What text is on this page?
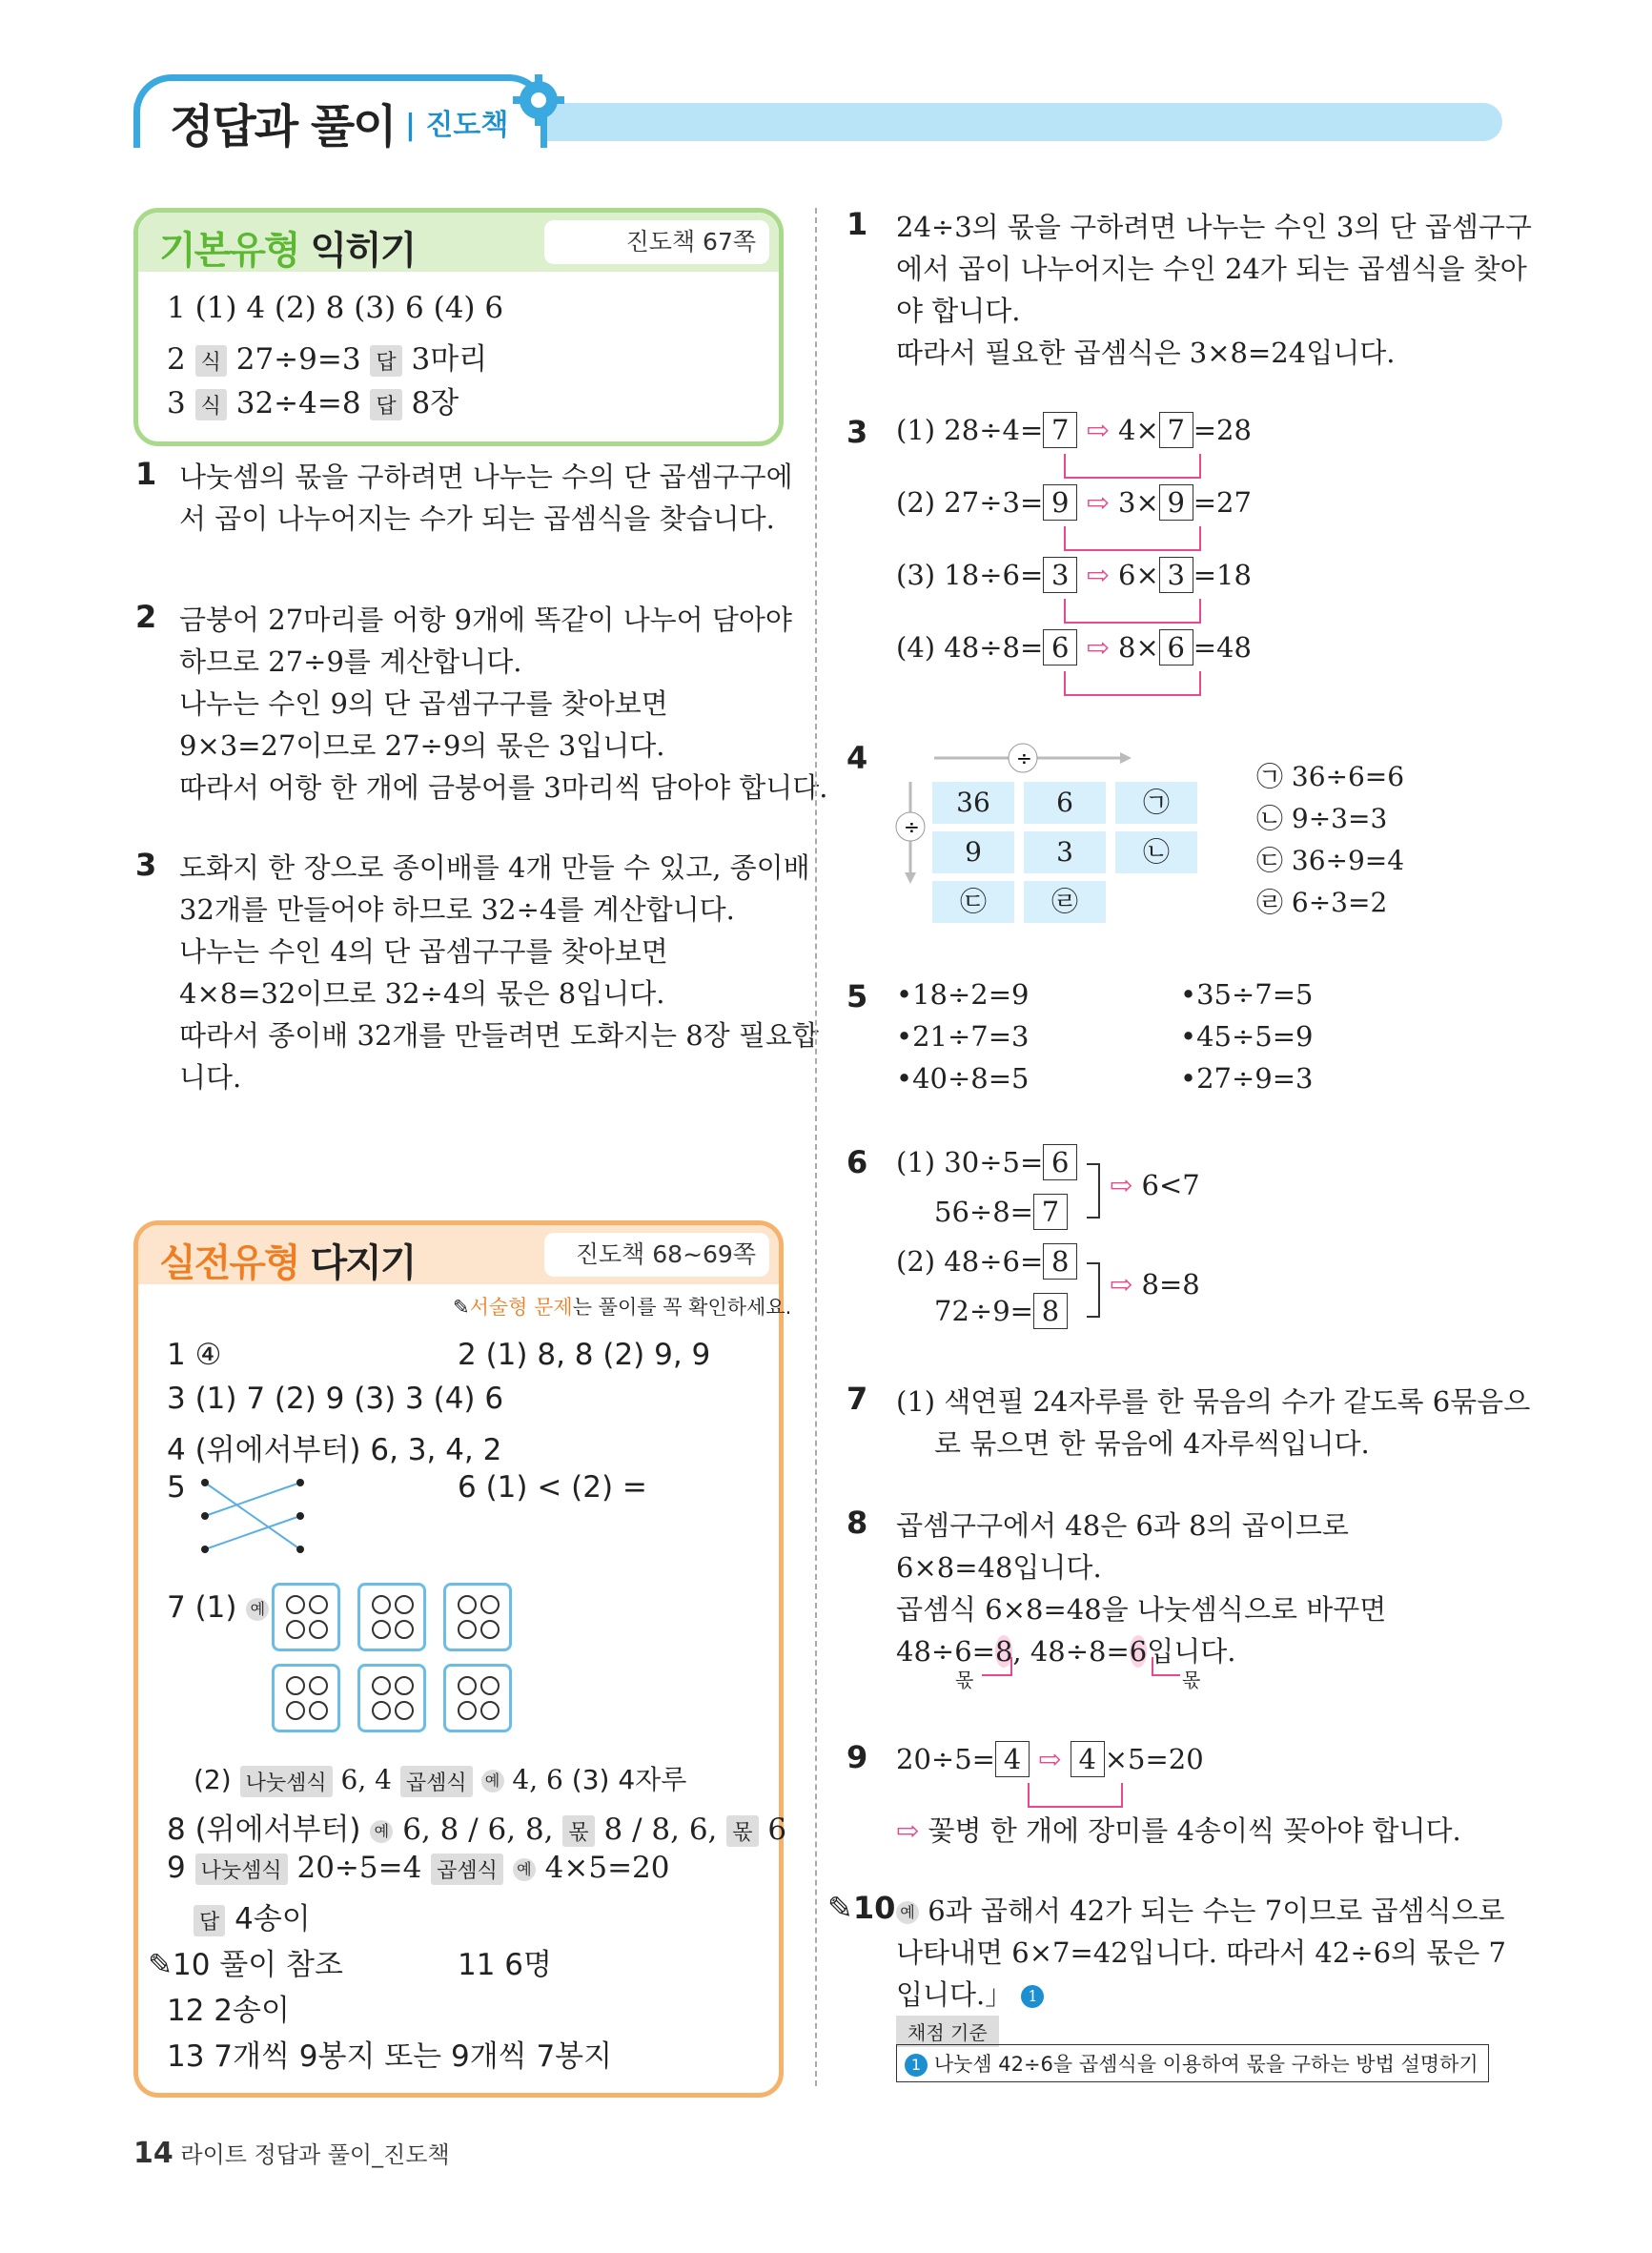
정답과 풀이 | 진도책
기본유형 익히기	진도책 67쪽
1 (1) 4 (2) 8 (3) 6 (4) 6
2 식 27÷9=3 답 3마리
3 식 32÷4=8 답 8장
1 나눗셈의 몫을 구하려면 나누는 수의 단 곱셈구구에
서 곱이 나누어지는 수가 되는 곱셈식을 찾습니다.
2 금붕어 27마리를 어항 9개에 똑같이 나누어 담아야
하므로 27÷9를 계산합니다.
나누는 수인 9의 단 곱셈구구를 찾아보면
9×3=27이므로 27÷9의 몫은 3입니다.
따라서 어항 한 개에 금붕어를 3마리씩 담아야 합니다.
3 도화지 한 장으로 종이배를 4개 만들 수 있고, 종이배
32개를 만들어야 하므로 32÷4를 계산합니다.
나누는 수인 4의 단 곱셈구구를 찾아보면
4×8=32이므로 32÷4의 몫은 8입니다.
따라서 종이배 32개를 만들려면 도화지는 8장 필요합
니다.
실전유형 다지기	진도책 68~69쪽
✎서술형 문제는 풀이를 꼭 확인하세요.
1 ④	2 (1) 8, 8 (2) 9, 9
3 (1) 7 (2) 9 (3) 3 (4) 6
4 (위에서부터) 6, 3, 4, 2
5	6 (1) < (2) =
7 (1) 예
(2) 나눗셈식 6, 4 곱셈식 예 4, 6 (3) 4자루
8 (위에서부터) 예 6, 8 / 6, 8, 몫 8 / 8, 6, 몫 6
9 나눗셈식 20÷5=4 곱셈식 예 4×5=20
답 4송이
✎10 풀이 참조	11 6명
12 2송이
13 7개씩 9봉지 또는 9개씩 7봉지
1 24÷3의 몫을 구하려면 나누는 수인 3의 단 곱셈구구
에서 곱이 나누어지는 수인 24가 되는 곱셈식을 찾아
야 합니다.
따라서 필요한 곱셈식은 3×8=24입니다.
3 (1) 28÷4= 7 ⇨ 4× 7 =28
(2) 27÷3= 9 ⇨ 3× 9 =27
(3) 18÷6= 3 ⇨ 6× 3 =18
(4) 48÷8= 6 ⇨ 8× 6 =48
4
㉠ 36÷6=6
㉡ 9÷3=3
㉢ 36÷9=4
㉣ 6÷3=2
5 •18÷2=9	•35÷7=5
•21÷7=3	•45÷5=9
•40÷8=5	•27÷9=3
6 (1) 30÷5= 6
56÷8= 7
(2) 48÷6= 8
72÷9= 8
⇨ 6<7
⇨ 8=8
7 (1) 색연필 24자루를 한 묶음의 수가 같도록 6묶음으
로 묶으면 한 묶음에 4자루씩입니다.
8 곱셈구구에서 48은 6과 8의 곱이므로
6×8=48입니다.
곱셈식 6×8=48을 나눗셈식으로 바꾸면
48÷6=8, 48÷8=6입니다.
몫	몫
9 20÷5= 4 ⇨ 4 ×5=20
⇨ 꽃병 한 개에 장미를 4송이씩 꽂아야 합니다.
✎10 예 6과 곱해서 42가 되는 수는 7이므로 곱셈식으로
나타내면 6×7=42입니다. 따라서 42÷6의 몫은 7
입니다.」 1
채점 기준
1 나눗셈 42÷6을 곱셈식을 이용하여 몫을 구하는 방법 설명하기
÷
÷
36	6	㉠
9	3	㉡
㉢	㉣
14 라이트 정답과 풀이_진도책
